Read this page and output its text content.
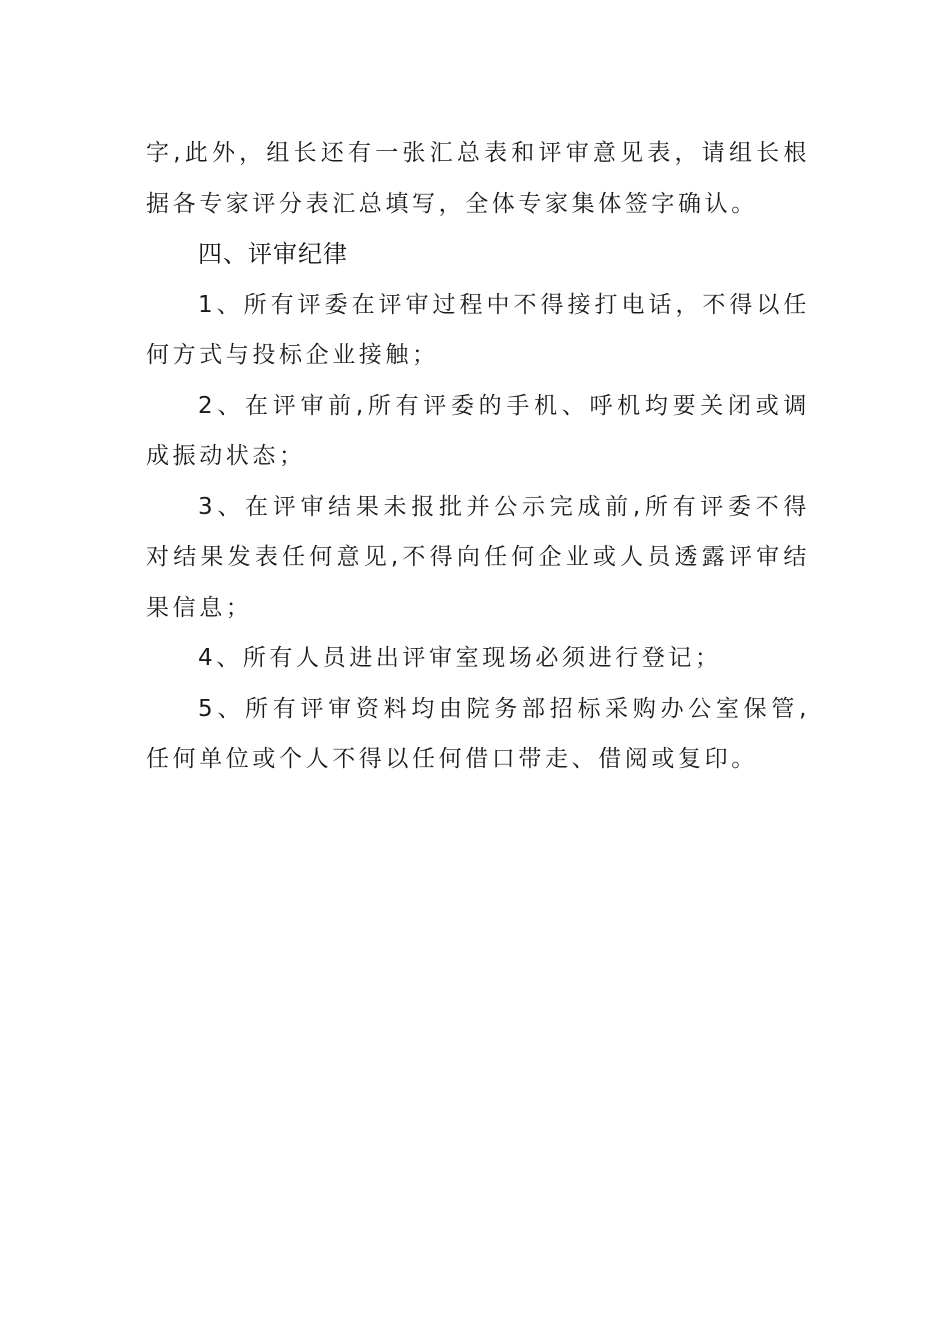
字,此外，组长还有一张汇总表和评审意见表，请组长根据各专家评分表汇总填写，全体专家集体签字确认。

四、评审纪律

1、所有评委在评审过程中不得接打电话，不得以任何方式与投标企业接触；

2、在评审前,所有评委的手机、呼机均要关闭或调成振动状态；

3、在评审结果未报批并公示完成前,所有评委不得对结果发表任何意见,不得向任何企业或人员透露评审结果信息；

4、所有人员进出评审室现场必须进行登记；

5、所有评审资料均由院务部招标采购办公室保管,任何单位或个人不得以任何借口带走、借阅或复印。
